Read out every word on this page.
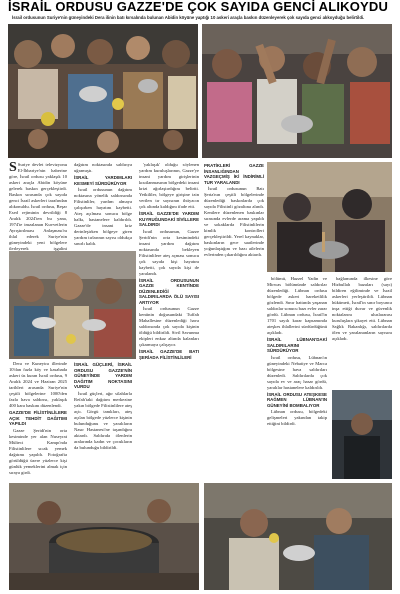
İSRAİL ORDUSU GAZZE'DE ÇOK SAYIDA GENCİ ALIKOYDU
İsrail ordusunun Suriye'nin güneyindeki Dera ilinin batı kırsalında bulunan Abidin köyüne yaptığı 10 askeri araçla baskın düzenleyerek çok sayıda genci alıkoyduğu belirtildi.

S Suriye devlet televizyonu El-İhbariye'nin haberine göre, İsrail ordusu yaklaşık 10 askeri araçla Abidin köyüne gelerek baskın gerçekleştirdi. Baskın sırasında çok sayıda genci İsrail askerleri tarafından alıkonuldu. İsrail ordusu, Beşar Esed rejiminin devrildiği 8 Aralık 2024'ten bu yana, 1974'te imzalanan Kuvvetlerin Ayrıştırılması Anlaşması'nı ihlal ederek Suriye'nin güneyindeki yeni bölgelere ilerleyerek işgalini

Dera ve Kuneytra illerinde 10'dan fazla köy ve kasabada askeri üs kuran İsrail ordusu, 9 Aralık 2024 ve Haziran 2025 tarihleri arasında Suriye'nin çeşitli bölgelerine 1000'den fazla hava saldırısı, yaklaşık 400 kara baskını düzenlendi.

GAZZE'DE FİLİSTİNLİLERE AÇIK TEHDİT DAĞITIMI YAPILDI

Gazze Şeridi'nin orta kesiminde yer alan Nuseyrat Mülteci Kampı'nda Filistinlilere sıcak yemek dağıtımı yapıldı. Fotoğrafta görüldüğü üzere yüzlerce kişi günlük yemeklerini almak için sıraya girdi.

dağıtım noktasında saldırıya uğramıştı.

İSRAİL YARDIMLARI KESMEYİ SÜRDÜRÜYOR

İsrail ordusunun dağıtım noktasına yönelik saldırısında Filistinliler, yardım almaya çalışırken hayatını kaybetti. Ateş açılması sonucu bölge halkı, hastanelere kaldırıldı. Gazze'de insani kriz derinleşirken bölgeye giren yardım tırlarının sayısı oldukça sınırlı kaldı.

İSRAİL GÜÇLERİ, İSRAİL ORDUSU GAZZE'NİN GÜNEYİNDE YARDIM DAĞITIM NOKTASINI VURDU

İsrail güçleri, ağır silahlarla Refah'taki dağıtım merkezine yakın bölgede Filistinlilere ateş açtı. Görgü tanıkları, ateş açılan bölgede yüzlerce kişinin bulunduğunu ve yaralıların Nasır Hastanesi'ne taşındığını aktardı. Saldırıda ölenlerin aralarında kadın ve çocukların da bulunduğu bildirildi.

'yaklaşık' olduğu söylenen yardım kuruluşlarının, Gazze'ye insani yardım girişlerinin kısıtlanmasının bölgedeki insani krizi ağırlaştırdığını belirtti. Yetkililer, bölgeye girişine izin verilen tır sayısının ihtiyacın çok altında kaldığını ifade etti.

İSRAİL GAZZE'DE YARDIM KUYRUĞUNDAKİ SİVİLLERE SALDIRDI

İsrail ordusunun, Gazze Şeridi'nin orta kesimindeki insani yardım dağıtım noktasında bekleyen Filistinlilere ateş açması sonucu çok sayıda kişi hayatını kaybetti, çok sayıda kişi de yaralandı.

İSRAİL ORDUSUNUN GAZZE KENTİNDE DÜZENLEDİĞİ SALDIRILARDA ÖLÜ SAYISI ARTIYOR

İsrail ordusunun Gazze kentinin doğusundaki Tuffah Mahallesine düzenlediği hava saldırısında çok sayıda kişinin öldüğü bildirildi. Sivil Savunma ekipleri enkaz altında kalanları çıkarmaya çalışıyor.

İSRAİL GAZZE'DE BATI ŞERİADA FİLİSTİNLİLERİ

PRATİKLERİ GAZZE İNSANLIĞINDAN VAZGEÇMİŞ İKİ İNDİRİMLİ TUR YARALANDI

İsrail ordusunun Batı Şeria'nın çeşitli bölgelerinde düzenlediği baskınlarda çok sayıda Filistinli gözaltına alındı. Kentlere düzenlenen baskınlar sırasında evlerde arama yapıldı ve sokaklarda Filistinlilerin kimlik kontrolleri gerçekleştirildi. Yerel kaynaklar, baskınların gece saatlerinde yoğunlaştığını ve bazı ailelerin evlerinden çıkarıldığını aktardı.

bölümü, Hazzel Yadin ve Mirwas bölümünde saldırılar düzenlediği. Lübnan ordusu bölgede askeri hareketlilik gözlendi. Sınır hattında yaşanan saldırılar sonucu bazı evler zarar gördü. Lübnan ordusu, İsrail'in 1701 sayılı karar kapsamında ateşkes ihlallerini sürdürdüğünü açıkladı.

İSRAİL LÜBNAN'DAKİ SALDIRILARINI SÜRDÜRÜYOR

İsrail ordusu, Lübnan'ın güneyindeki Nebatiye ve Marca bölgesine hava saldırıları düzenledi. Saldırılarda çok sayıda ev ve araç hasar gördü, yaralılar hastanelere kaldırıldı.

İSRAİL ORDUSU ATEŞKESE RAĞMEN LÜBNAN'IN GÜNEYİNİ BOMBALIYOR

Lübnan ordusu, bölgedeki gelişmeleri yakından takip ettiğini bildirdi.

bağlamında ilkesine göre Hizbullah bazaları (sayı) bildiren eğiliminde ve İsrail askerleri yerleştirildi. Lübnan hükümeti, İsrail'in sınır boyunca inşa ettiği duvar ve güvenlik noktalarını uluslararası kuruluşlara şikayet etti. Lübnan Sağlık Bakanlığı, saldırılarda ölen ve yaralananların sayısını açıkladı.
